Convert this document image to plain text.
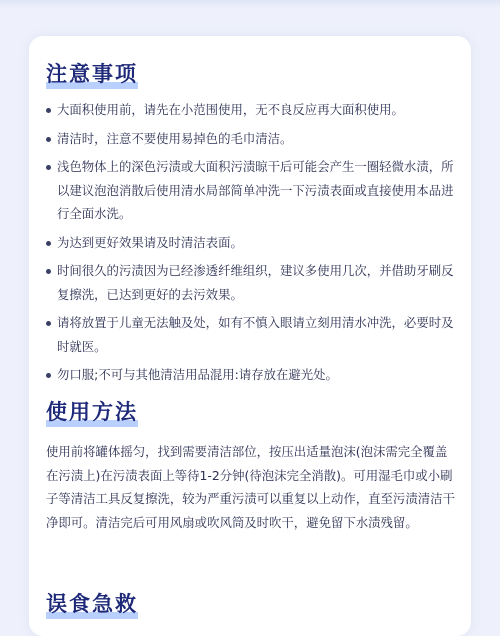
注意事项
大面积使用前，请先在小范围使用，无不良反应再大面积使用。
清洁时，注意不要使用易掉色的毛巾清洁。
浅色物体上的深色污渍或大面积污渍晾干后可能会产生一圈轻微水渍，所以建议泡泡消散后使用清水局部简单冲洗一下污渍表面或直接使用本品进行全面水洗。
为达到更好效果请及时清洁表面。
时间很久的污渍因为已经渗透纤维组织，建议多使用几次，并借助牙刷反复擦洗，已达到更好的去污效果。
请将放置于儿童无法触及处，如有不慎入眼请立刻用清水冲洗，必要时及时就医。
勿口服;不可与其他清洁用品混用:请存放在避光处。
使用方法

使用前将罐体摇匀，找到需要清洁部位，按压出适量泡沫(泡沫需完全覆盖在污渍上)在污渍表面上等待1-2分钟(待泡沫完全消散)。可用湿毛巾或小刷子等清洁工具反复擦洗，较为严重污渍可以重复以上动作，直至污渍清洁干净即可。清洁完后可用风扇或吹风筒及时吹干，避免留下水渍残留。

误食急救
